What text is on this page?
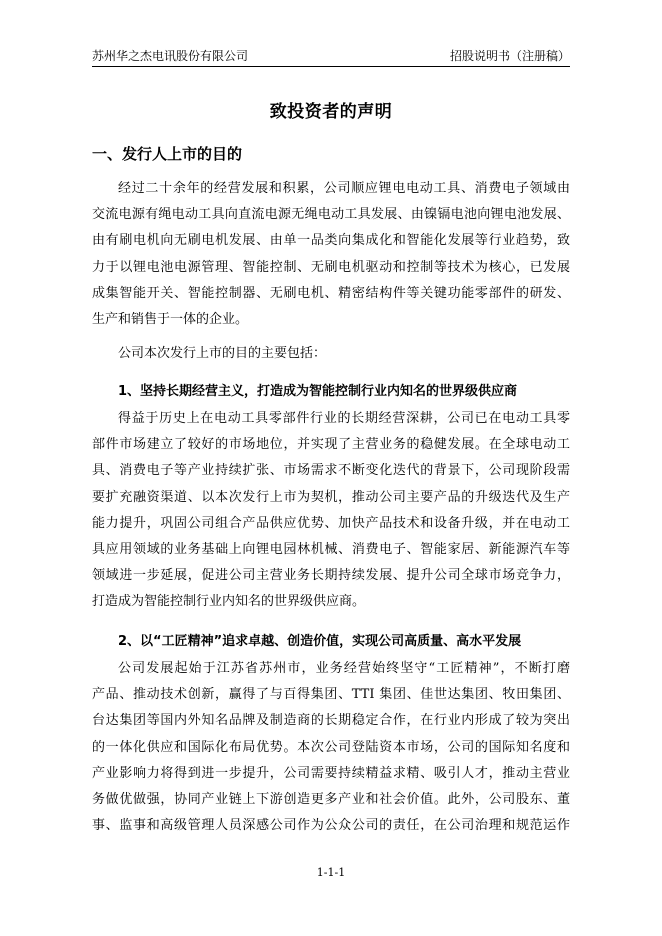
苏州华之杰电讯股份有限公司	招股说明书（注册稿）
致投资者的声明
一、发行人上市的目的
经过二十余年的经营发展和积累，公司顺应锂电电动工具、消费电子领域由
交流电源有绳电动工具向直流电源无绳电动工具发展、由镍镉电池向锂电池发展、
由有刷电机向无刷电机发展、由单一品类向集成化和智能化发展等行业趋势，致
力于以锂电池电源管理、智能控制、无刷电机驱动和控制等技术为核心，已发展
成集智能开关、智能控制器、无刷电机、精密结构件等关键功能零部件的研发、
生产和销售于一体的企业。
公司本次发行上市的目的主要包括：
1、坚持长期经营主义，打造成为智能控制行业内知名的世界级供应商
得益于历史上在电动工具零部件行业的长期经营深耕，公司已在电动工具零
部件市场建立了较好的市场地位，并实现了主营业务的稳健发展。在全球电动工
具、消费电子等产业持续扩张、市场需求不断变化迭代的背景下，公司现阶段需
要扩充融资渠道、以本次发行上市为契机，推动公司主要产品的升级迭代及生产
能力提升，巩固公司组合产品供应优势、加快产品技术和设备升级，并在电动工
具应用领域的业务基础上向锂电园林机械、消费电子、智能家居、新能源汽车等
领域进一步延展，促进公司主营业务长期持续发展、提升公司全球市场竞争力，
打造成为智能控制行业内知名的世界级供应商。
2、以“工匠精神”追求卓越、创造价值，实现公司高质量、高水平发展
公司发展起始于江苏省苏州市，业务经营始终坚守“工匠精神”，不断打磨
产品、推动技术创新，赢得了与百得集团、TTI 集团、佳世达集团、牧田集团、
台达集团等国内外知名品牌及制造商的长期稳定合作，在行业内形成了较为突出
的一体化供应和国际化布局优势。本次公司登陆资本市场，公司的国际知名度和
产业影响力将得到进一步提升，公司需要持续精益求精、吸引人才，推动主营业
务做优做强，协同产业链上下游创造更多产业和社会价值。此外，公司股东、董
事、监事和高级管理人员深感公司作为公众公司的责任，在公司治理和规范运作
1-1-1
